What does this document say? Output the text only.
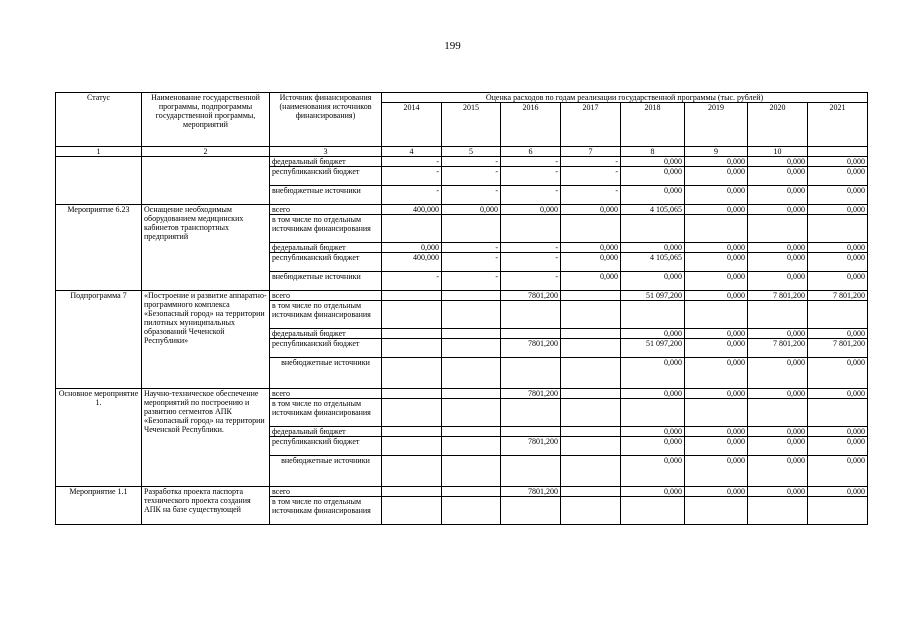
199
Статус	Наименование государственной программы, подпрограммы государственной программы, мероприятий	Источник финансирования (наименования источников финансирования)	Оценка расходов по годам реализации государственной программы (тыс. рублей)							
			2014	2015	2016	2017	2018	2019	2020	2021
1	2	3	4	5	6	7	8	9	10	
		федеральный бюджет	-	-	-	-	0,000	0,000	0,000	0,000
		республиканский бюджет	-	-	-	-	0,000	0,000	0,000	0,000
		внебюджетные источники	-	-	-	-	0,000	0,000	0,000	0,000
Мероприятие 6.23	Оснащение необходимым оборудованием медицинских кабинетов транспортных предприятий	всего	400,000	0,000	0,000	0,000	4 105,065	0,000	0,000	0,000
		в том числе по отдельным источникам финансирования								
		федеральный бюджет	0,000	-	-	0,000	0,000	0,000	0,000	0,000
		республиканский бюджет	400,000	-	-	0,000	4 105,065	0,000	0,000	0,000
		внебюджетные источники	-	-	-	0,000	0,000	0,000	0,000	0,000
Подпрограмма 7	«Построение и развитие аппаратно-программного комплекса «Безопасный город» на территории пилотных муниципальных образований Чеченской Республики»	всего			7801,200		51 097,200	0,000	7 801,200	7 801,200
		в том числе по отдельным источникам финансирования								
		федеральный бюджет					0,000	0,000	0,000	0,000
		республиканский бюджет			7801,200		51 097,200	0,000	7 801,200	7 801,200
		внебюджетные источники					0,000	0,000	0,000	0,000
Основное мероприятие 1.	Научно-техническое обеспечение мероприятий по построению и развитию сегментов АПК «Безопасный город» на территории Чеченской Республики.	всего			7801,200		0,000	0,000	0,000	0,000
		в том числе по отдельным источникам финансирования								
		федеральный бюджет					0,000	0,000	0,000	0,000
		республиканский бюджет			7801,200		0,000	0,000	0,000	0,000
		внебюджетные источники					0,000	0,000	0,000	0,000
Мероприятие 1.1	Разработка проекта паспорта технического проекта создания АПК на базе существующей	всего			7801,200		0,000	0,000	0,000	0,000
		в том числе по отдельным источникам финансирования								
